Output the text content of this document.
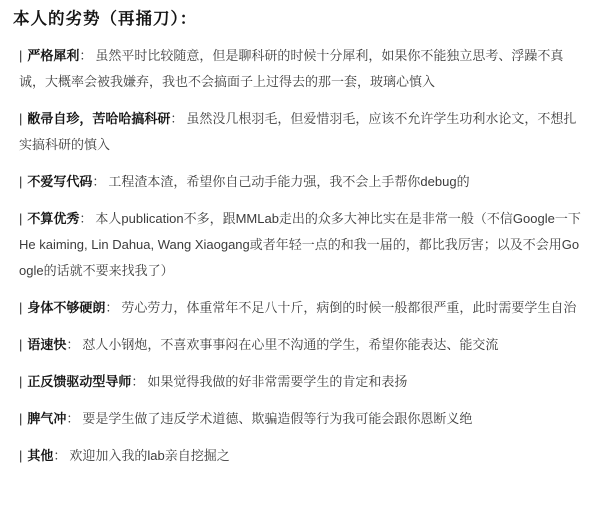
本人的劣势（再捅刀）：

| 严格犀利： 虽然平时比较随意，但是聊科研的时候十分犀利，如果你不能独立思考、浮躁不真诚，大概率会被我嫌弃，我也不会搞面子上过得去的那一套，玻璃心慎入

| 敝帚自珍，苦哈哈搞科研： 虽然没几根羽毛，但爱惜羽毛，应该不允许学生功利水论文，不想扎实搞科研的慎入

| 不爱写代码： 工程渣本渣，希望你自己动手能力强，我不会上手帮你debug的

| 不算优秀： 本人publication不多，跟MMLab走出的众多大神比实在是非常一般（不信Google一下He kaiming, Lin Dahua, Wang Xiaogang或者年轻一点的和我一届的，都比我厉害；以及不会用Google的话就不要来找我了）

| 身体不够硬朗： 劳心劳力，体重常年不足八十斤，病倒的时候一般都很严重，此时需要学生自治

| 语速快： 怼人小钢炮，不喜欢事事闷在心里不沟通的学生，希望你能表达、能交流

| 正反馈驱动型导师： 如果觉得我做的好非常需要学生的肯定和表扬

| 脾气冲： 要是学生做了违反学术道德、欺骗造假等行为我可能会跟你恩断义绝

| 其他： 欢迎加入我的lab亲自挖掘之
